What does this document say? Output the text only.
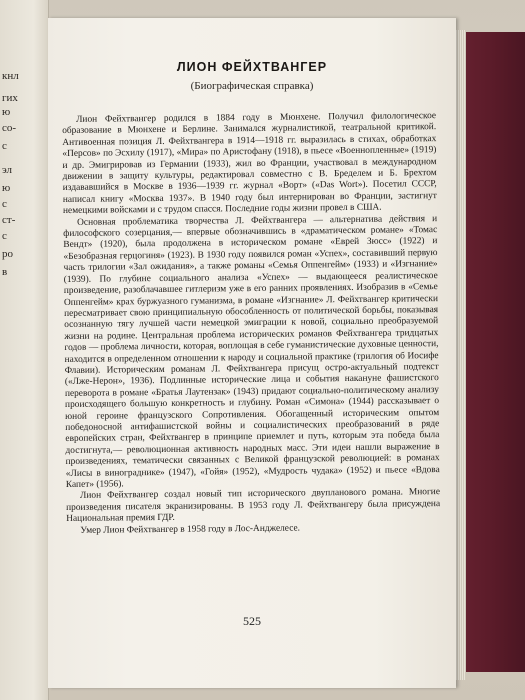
кнл
гих
ю
со-
с
эл
ю
с
ст-
с
ро
в
ЛИОН ФЕЙХТВАНГЕР
(Биографическая справка)

Лион Фейхтвангер родился в 1884 году в Мюнхене. Получил филологическое образование в Мюнхене и Берлине. Занимался журналистикой, театральной критикой. Антивоенная позиция Л. Фейхтвангера в 1914—1918 гг. выразилась в стихах, обработках «Персов» по Эсхилу (1917), «Мира» по Аристофану (1918), в пьесе «Военнопленные» (1919) и др. Эмигрировав из Германии (1933), жил во Франции, участвовал в международном движении в защиту культуры, редактировал совместно с В. Бределем и Б. Брехтом издававшийся в Москве в 1936—1939 гг. журнал «Ворт» («Das Wort»). Посетил СССР, написал книгу «Москва 1937». В 1940 году был интернирован во Франции, застигнут немецкими войсками и с трудом спасся. Последние годы жизни провел в США.

Основная проблематика творчества Л. Фейхтвангера — альтернатива действия и философского созерцания,— впервые обозначившись в «драматическом романе» «Томас Вендт» (1920), была продолжена в историческом романе «Еврей Зюсс» (1922) и «Безобразная герцогиня» (1923). В 1930 году появился роман «Успех», составивший первую часть трилогии «Зал ожидания», а также романы «Семья Оппенгейм» (1933) и «Изгнание» (1939). По глубине социального анализа «Успех» — выдающееся реалистическое произведение, разоблачавшее гитлеризм уже в его ранних проявлениях. Изобразив в «Семье Оппенгейм» крах буржуазного гуманизма, в романе «Изгнание» Л. Фейхтвангер критически пересматривает свою принципиальную обособленность от политической борьбы, показывая осознанную тягу лучшей части немецкой эмиграции к новой, социально преобразуемой жизни на родине. Центральная проблема исторических романов Фейхтвангера тридцатых годов — проблема личности, которая, воплощая в себе гуманистические духовные ценности, находится в определенном отношении к народу и социальной практике (трилогия об Иосифе Флавии). Историческим романам Л. Фейхтвангера присущ остро-актуальный подтекст («Лже-Нерон», 1936). Подлинные исторические лица и события накануне фашистского переворота в романе «Братья Лаутензак» (1943) придают социально-политическому анализу происходящего большую конкретность и глубину. Роман «Симона» (1944) рассказывает о юной героине французского Сопротивления. Обогащенный историческим опытом победоносной антифашистской войны и социалистических преобразований в ряде европейских стран, Фейхтвангер в принципе приемлет и путь, которым эта победа была достигнута,— революционная активность народных масс. Эти идеи нашли выражение в произведениях, тематически связанных с Великой французской революцией: в романах «Лисы в винограднике» (1947), «Гойя» (1952), «Мудрость чудака» (1952) и пьесе «Вдова Капет» (1956).

Лион Фейхтвангер создал новый тип исторического двупланового романа. Многие произведения писателя экранизированы. В 1953 году Л. Фейхтвангеру была присуждена Национальная премия ГДР.

Умер Лион Фейхтвангер в 1958 году в Лос-Анджелесе.

525
